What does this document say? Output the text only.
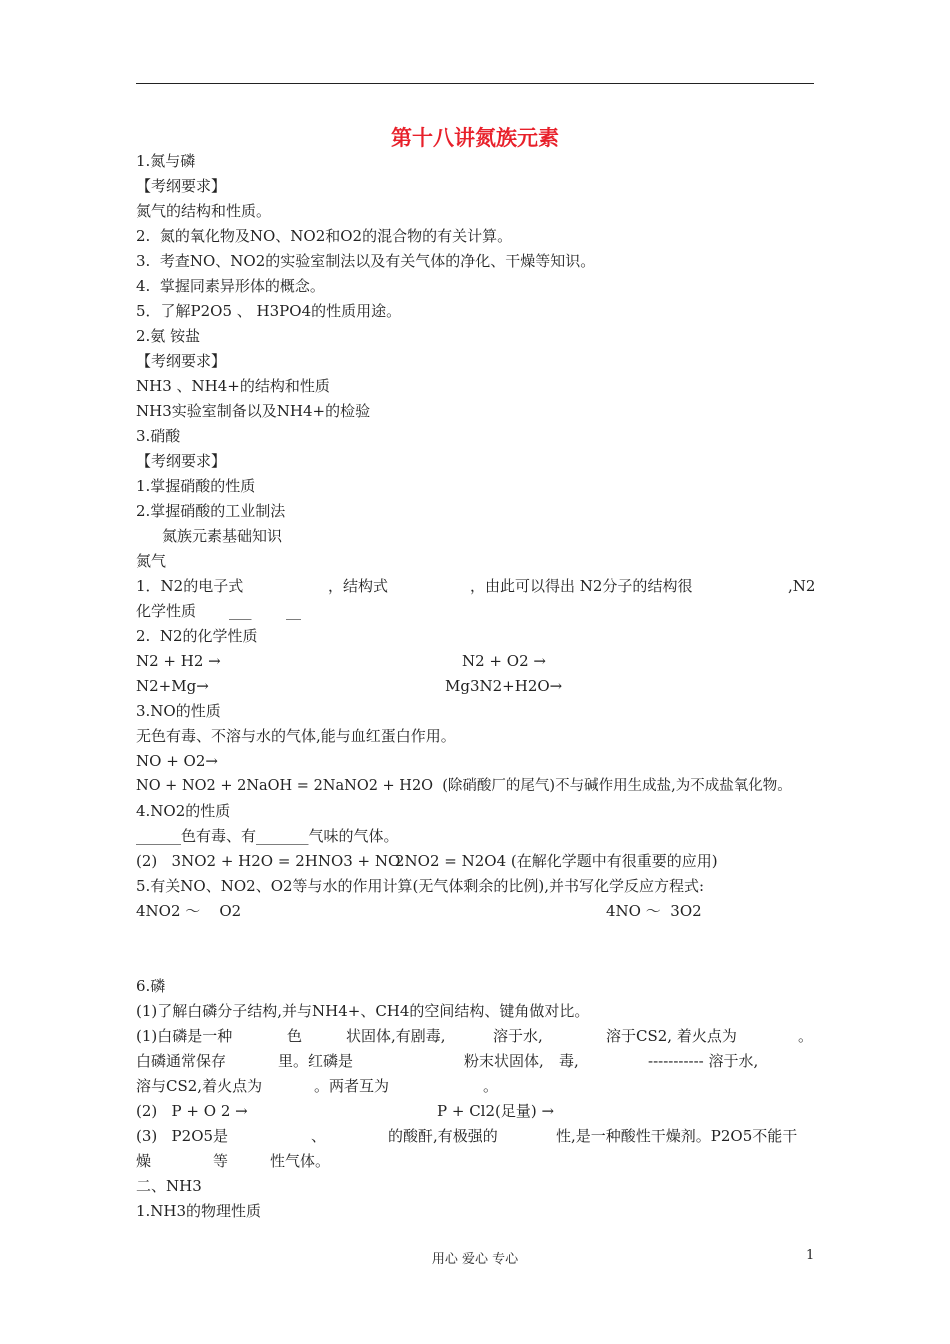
第十八讲氮族元素
1.氮与磷
【考纲要求】
氮气的结构和性质。
2.  氮的氧化物及NO、NO2和O2的混合物的有关计算。
3.  考查NO、NO2的实验室制法以及有关气体的净化、干燥等知识。
4.  掌握同素异形体的概念。
5．了解P2O5 、 H3PO4的性质用途。
2.氨 铵盐
【考纲要求】
NH3 、NH4+的结构和性质
NH3实验室制备以及NH4+的检验
3.硝酸
【考纲要求】
1.掌握硝酸的性质
2.掌握硝酸的工业制法
氮族元素基础知识
氮气

1．N2的电子式

	，结构式

	，由此可以得出 N2分子的结构很

	,N2

化学性质

___

__

2.  N2的化学性质

N2 + H2 →

	N2 + O2 →

N2+Mg→

	Mg3N2+H2O→

3.NO的性质
无色有毒、不溶与水的气体,能与血红蛋白作用。
NO + O2→
NO + NO2 + 2NaOH = 2NaNO2 + H2O  (除硝酸厂的尾气)不与碱作用生成盐,为不成盐氧化物。
4.NO2的性质
______色有毒、有_______气味的气体。

(2)   3NO2 + H2O = 2HNO3 + NO

2NO2 = N2O4 (在解化学题中有很重要的应用)

5.有关NO、NO2、O2等与水的作用计算(无气体剩余的比例),并书写化学反应方程式:

4NO2 ～    O2

	4NO ～  3O2

6.磷
(1)了解白磷分子结构,并与NH4+、CH4的空间结构、键角做对比。

(1)白磷是一种

	色

	状固体,有剧毒,

	溶于水,

	溶于CS2, 着火点为

	。

白磷通常保存

	里。红磷是

	粉末状固体,

毒,

	----------- 溶于水,

溶与CS2,着火点为

	。两者互为

	。

(2)   P + O 2 →

	P + Cl2(足量) →

(3)   P2O5是

	、

	的酸酐,有极强的

	性,是一种酸性干燥剂。P2O5不能干

燥

	等

	性气体。

二、NH3
1.NH3的物理性质
用心 爱心 专心	1
